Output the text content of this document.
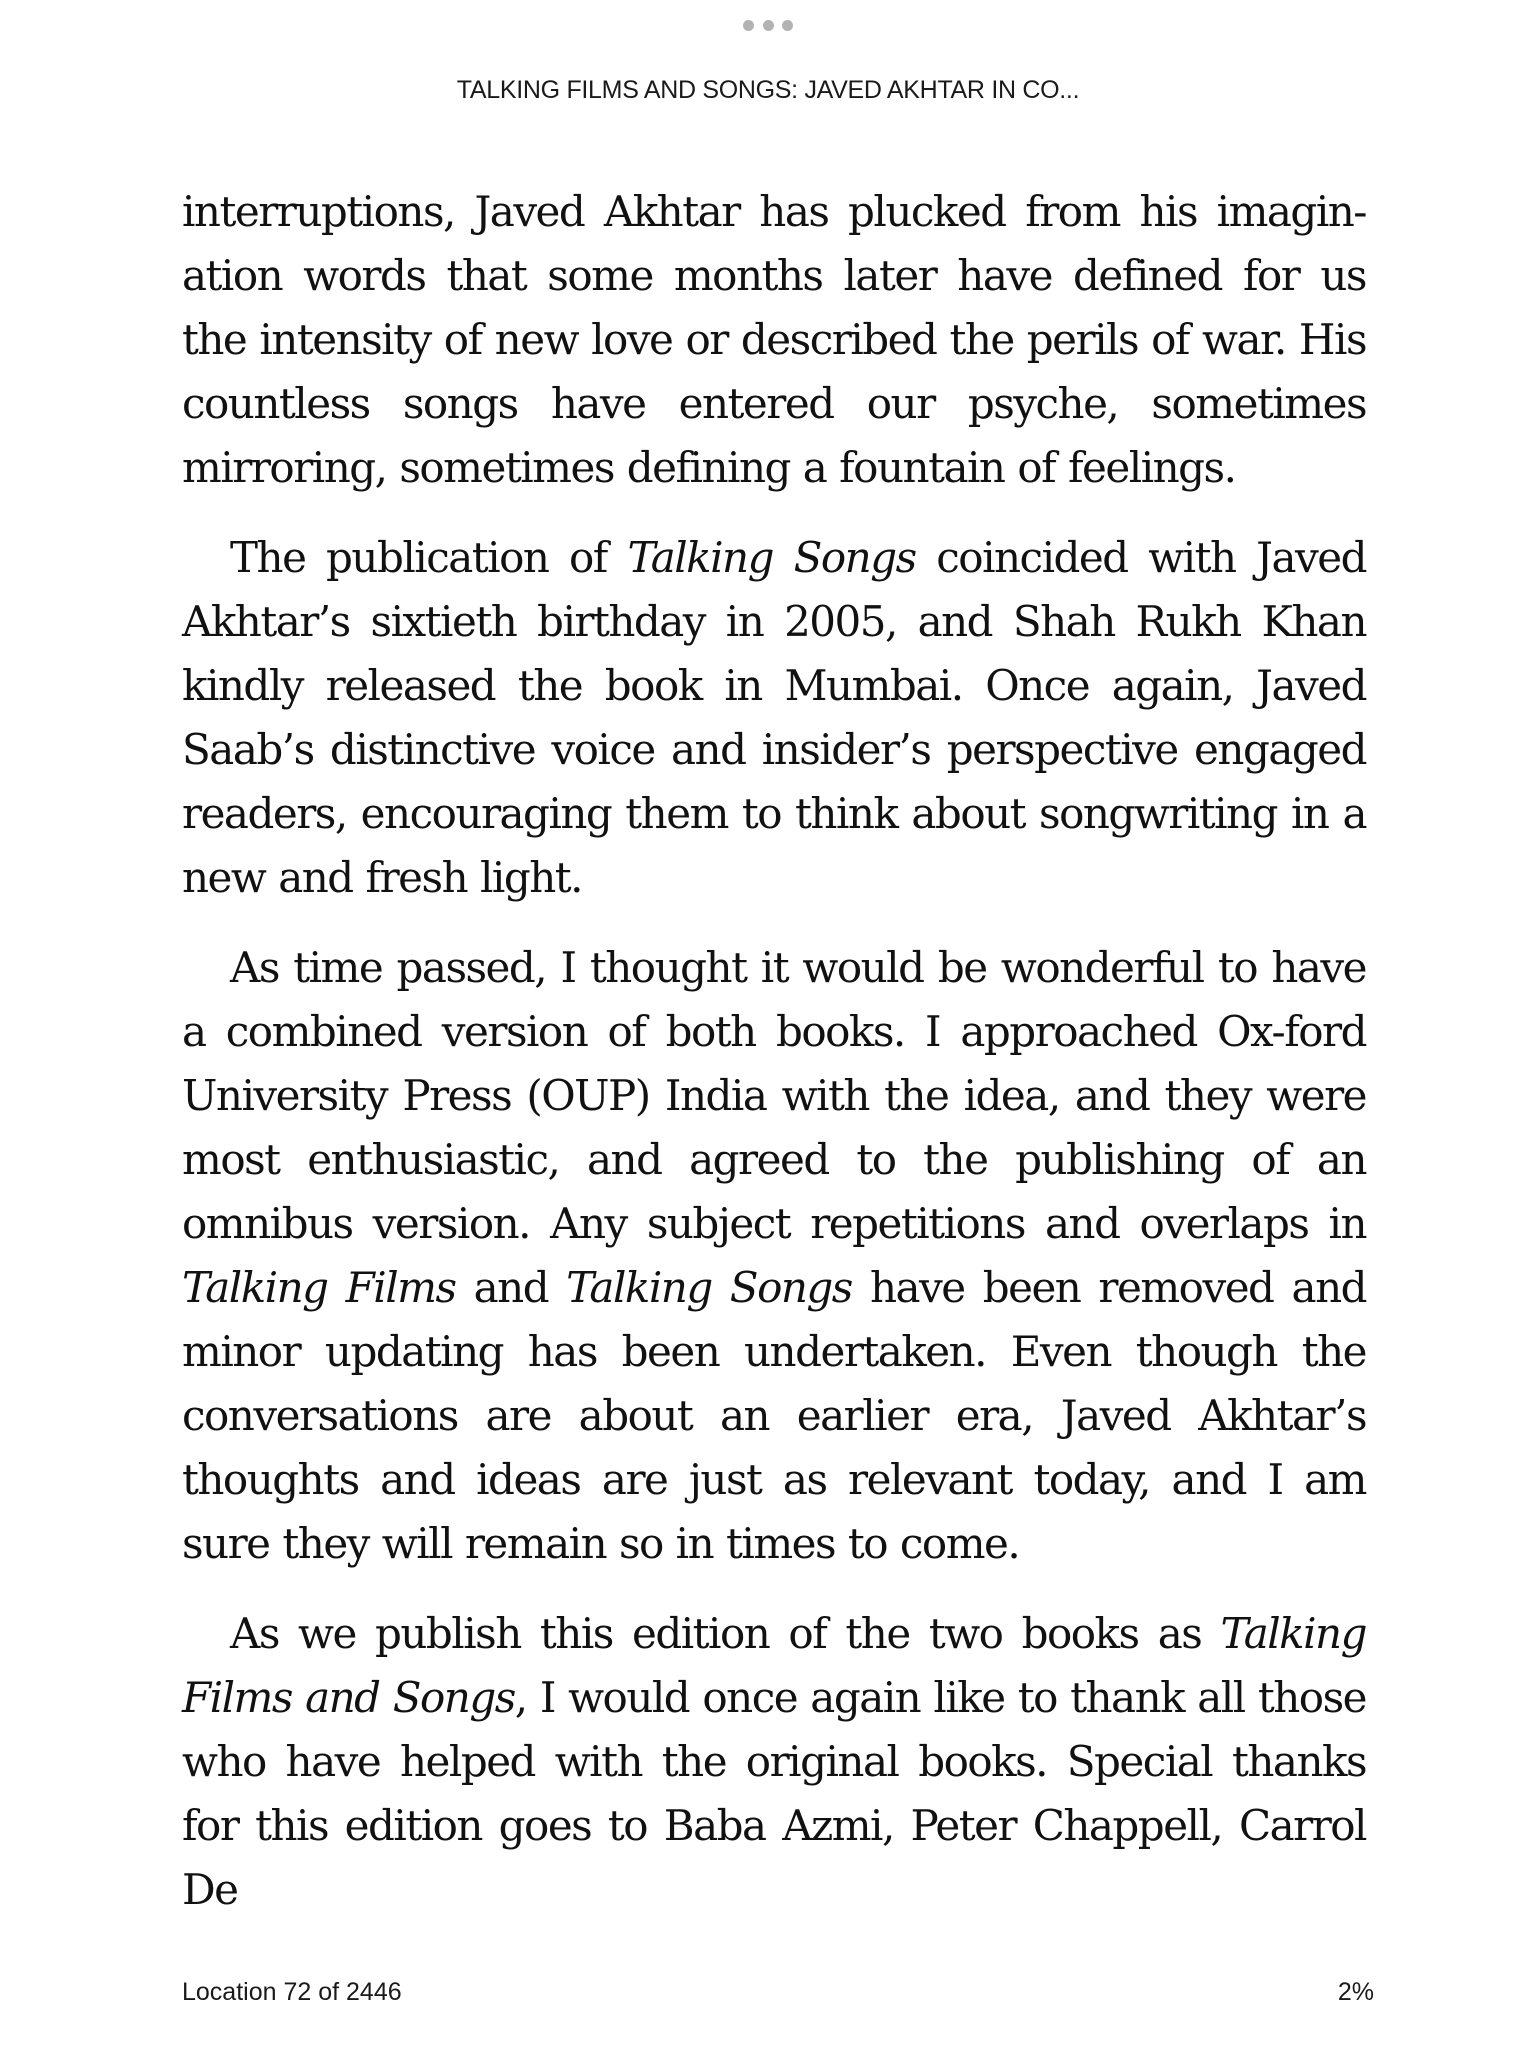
TALKING FILMS AND SONGS: JAVED AKHTAR IN CO...

interruptions, Javed Akhtar has plucked from his imagin-ation words that some months later have defined for us the intensity of new love or described the perils of war. His countless songs have entered our psyche, sometimes mirroring, sometimes defining a fountain of feelings.

The publication of Talking Songs coincided with Javed Akhtar’s sixtieth birthday in 2005, and Shah Rukh Khan kindly released the book in Mumbai. Once again, Javed Saab’s distinctive voice and insider’s perspective engaged readers, encouraging them to think about songwriting in a new and fresh light.

As time passed, I thought it would be wonderful to have a combined version of both books. I approached Ox-ford University Press (OUP) India with the idea, and they were most enthusiastic, and agreed to the publishing of an omnibus version. Any subject repetitions and overlaps in Talking Films and Talking Songs have been removed and minor updating has been undertaken. Even though the conversations are about an earlier era, Javed Akhtar’s thoughts and ideas are just as relevant today, and I am sure they will remain so in times to come.

As we publish this edition of the two books as Talking Films and Songs, I would once again like to thank all those who have helped with the original books. Special thanks for this edition goes to Baba Azmi, Peter Chappell, Carrol De

Location 72 of 2446	2%
